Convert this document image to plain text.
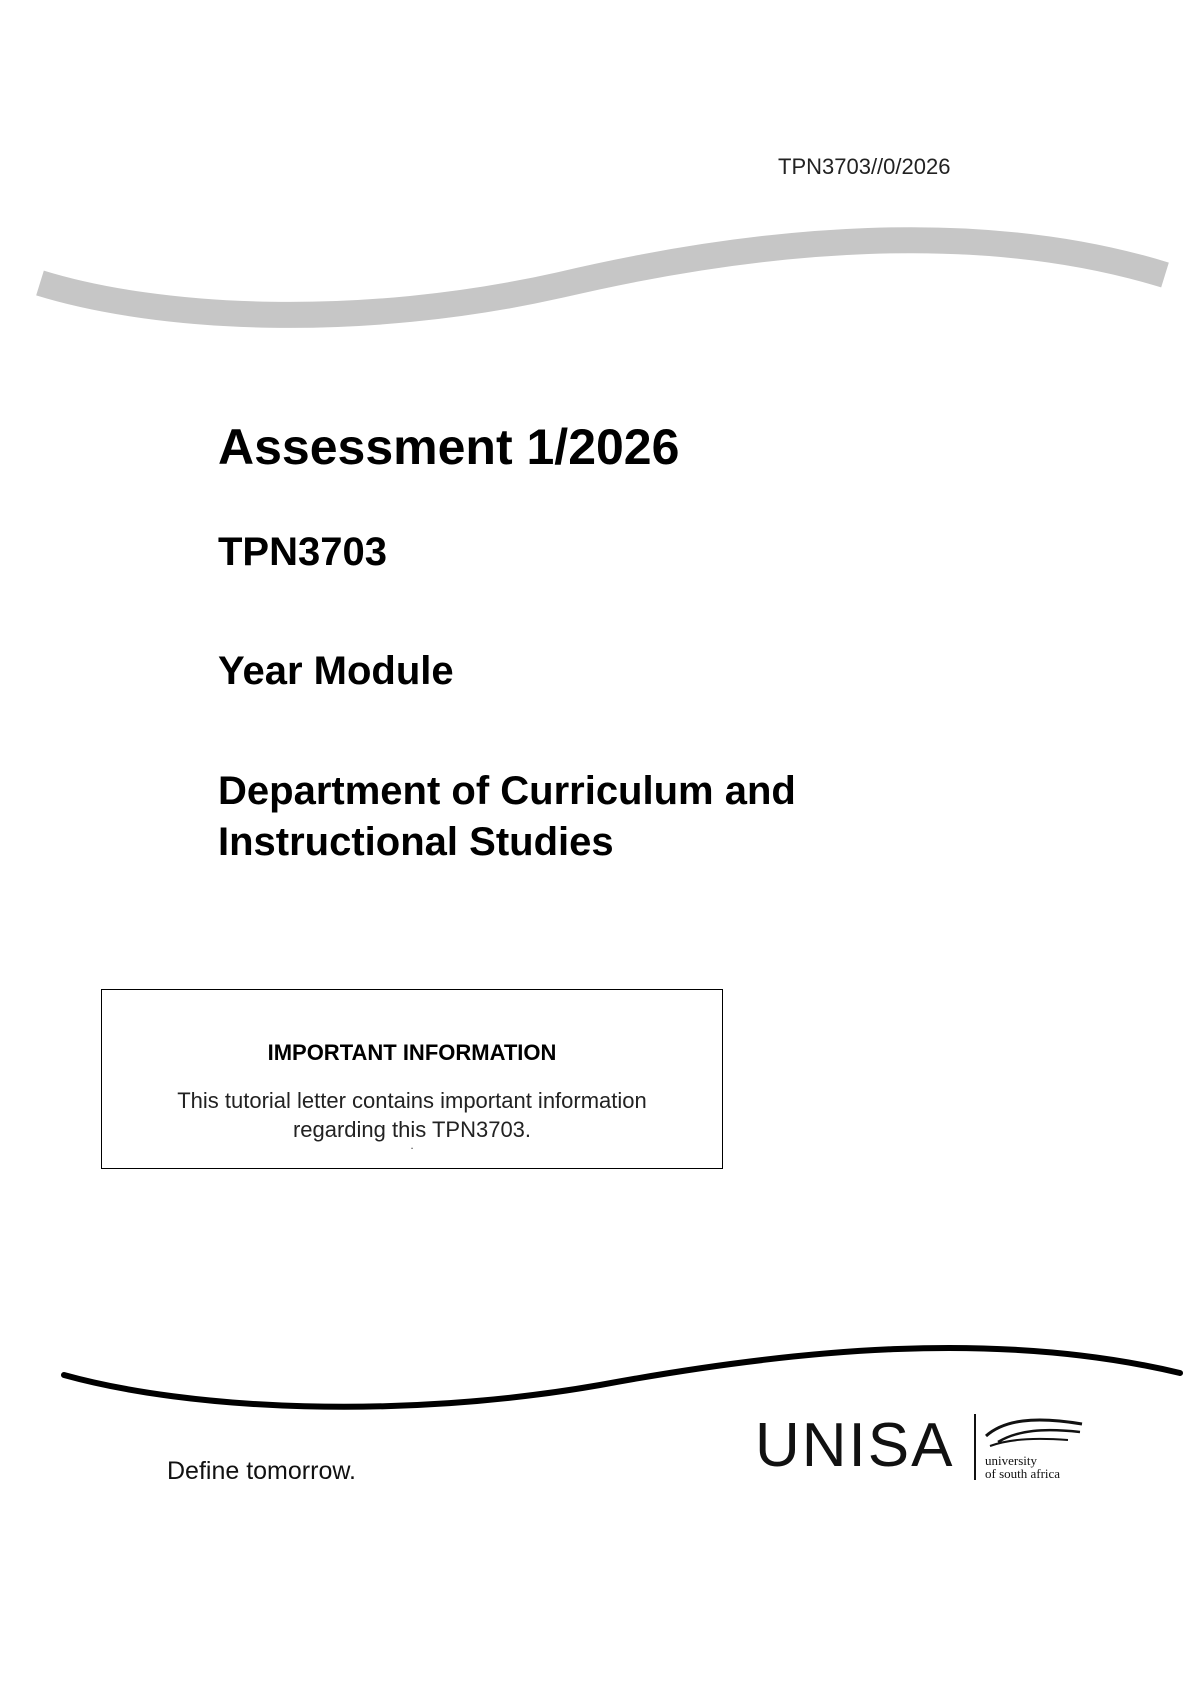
TPN3703//0/2026
Assessment 1/2026
TPN3703
Year Module
Department of Curriculum and
Instructional Studies
IMPORTANT INFORMATION
This tutorial letter contains important information
regarding this TPN3703.
.
Define tomorrow.	UNISA university
of south africa
